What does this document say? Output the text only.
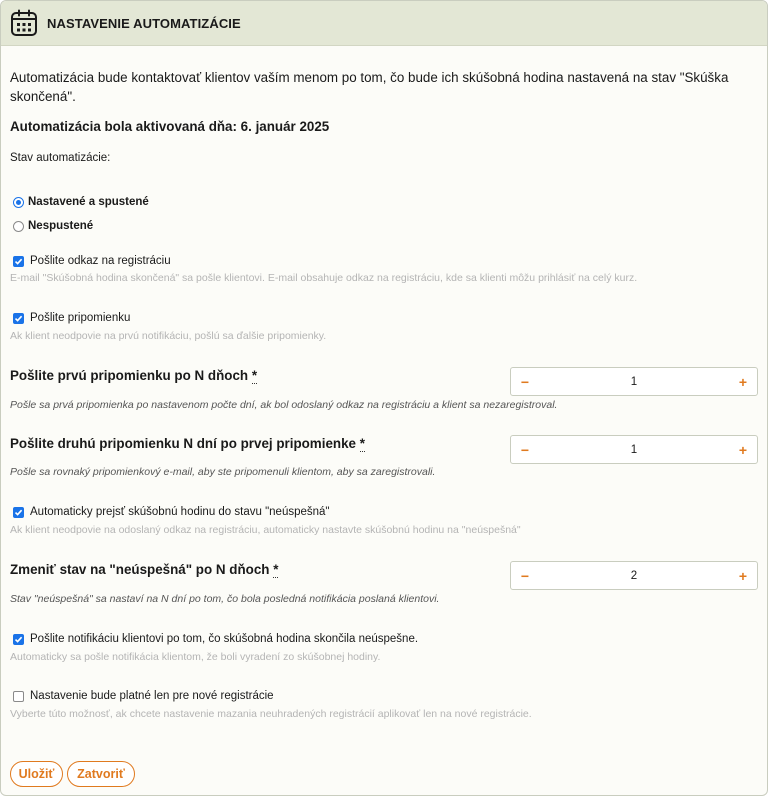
NASTAVENIE AUTOMATIZÁCIE
Automatizácia bude kontaktovať klientov vaším menom po tom, čo bude ich skúšobná hodina nastavená na stav "Skúška skončená".
Automatizácia bola aktivovaná dňa: 6. január 2025
Stav automatizácie:
Nastavené a spustené
Nespustené
Pošlite odkaz na registráciu
E-mail "Skúšobná hodina skončená" sa pošle klientovi. E-mail obsahuje odkaz na registráciu, kde sa klienti môžu prihlásiť na celý kurz.
Pošlite pripomienku
Ak klient neodpovie na prvú notifikáciu, pošlú sa ďalšie pripomienky.
Pošlite prvú pripomienku po N dňoch *	−	1	+
Pošle sa prvá pripomienka po nastavenom počte dní, ak bol odoslaný odkaz na registráciu a klient sa nezaregistroval.
Pošlite druhú pripomienku N dní po prvej pripomienke *	−	1	+
Pošle sa rovnaký pripomienkový e-mail, aby ste pripomenuli klientom, aby sa zaregistrovali.
Automaticky prejsť skúšobnú hodinu do stavu "neúspešná"
Ak klient neodpovie na odoslaný odkaz na registráciu, automaticky nastavte skúšobnú hodinu na "neúspešná"
Zmeniť stav na "neúspešná" po N dňoch *	−	2	+
Stav "neúspešná" sa nastaví na N dní po tom, čo bola posledná notifikácia poslaná klientovi.
Pošlite notifikáciu klientovi po tom, čo skúšobná hodina skončila neúspešne.
Automaticky sa pošle notifikácia klientom, že boli vyradení zo skúšobnej hodiny.
Nastavenie bude platné len pre nové registrácie
Vyberte túto možnosť, ak chcete nastavenie mazania neuhradených registrácií aplikovať len na nové registrácie.
Uložiť	Zatvoriť
